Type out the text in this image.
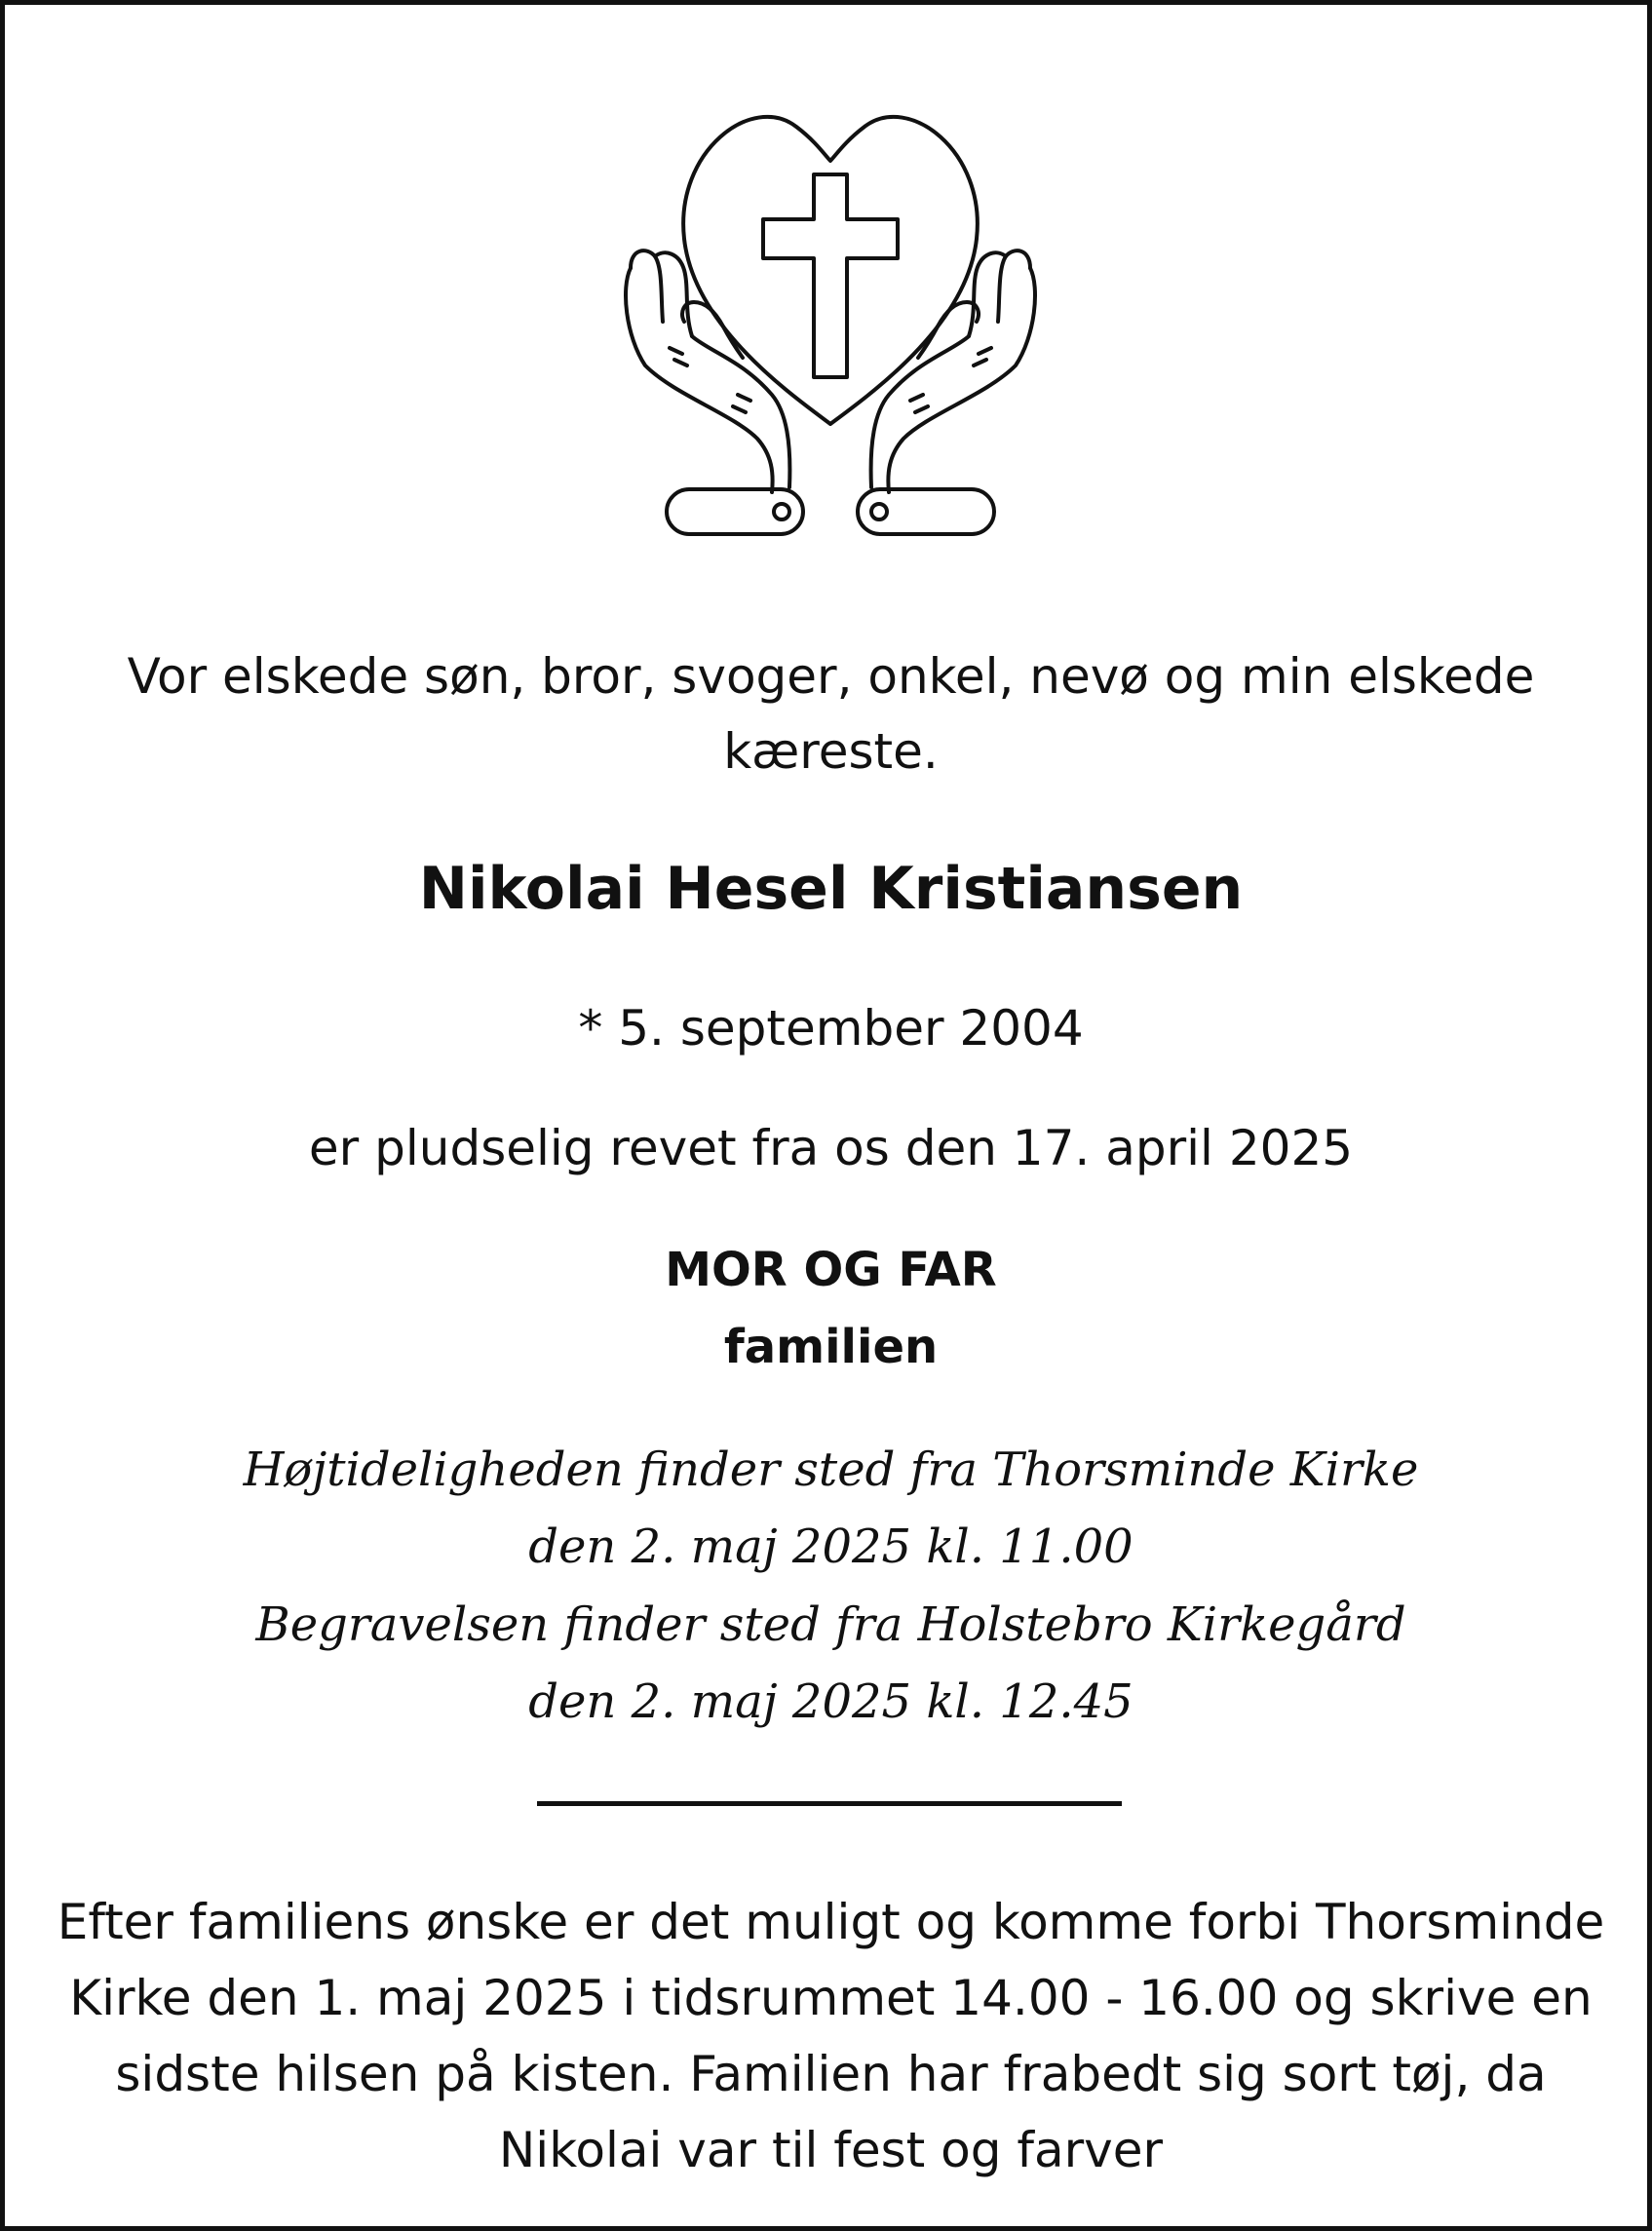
Vor elskede søn, bror, svoger, onkel, nevø og min elskede

kæreste.

Nikolai Hesel Kristiansen

* 5. september 2004

er pludselig revet fra os den 17. april 2025

MOR OG FAR

familien

Højtideligheden finder sted fra Thorsminde Kirke

den 2. maj 2025 kl. 11.00

Begravelsen finder sted fra Holstebro Kirkegård

den 2. maj 2025 kl. 12.45

Efter familiens ønske er det muligt og komme forbi Thorsminde

Kirke den 1. maj 2025 i tidsrummet 14.00 - 16.00 og skrive en

sidste hilsen på kisten. Familien har frabedt sig sort tøj, da

Nikolai var til fest og farver
